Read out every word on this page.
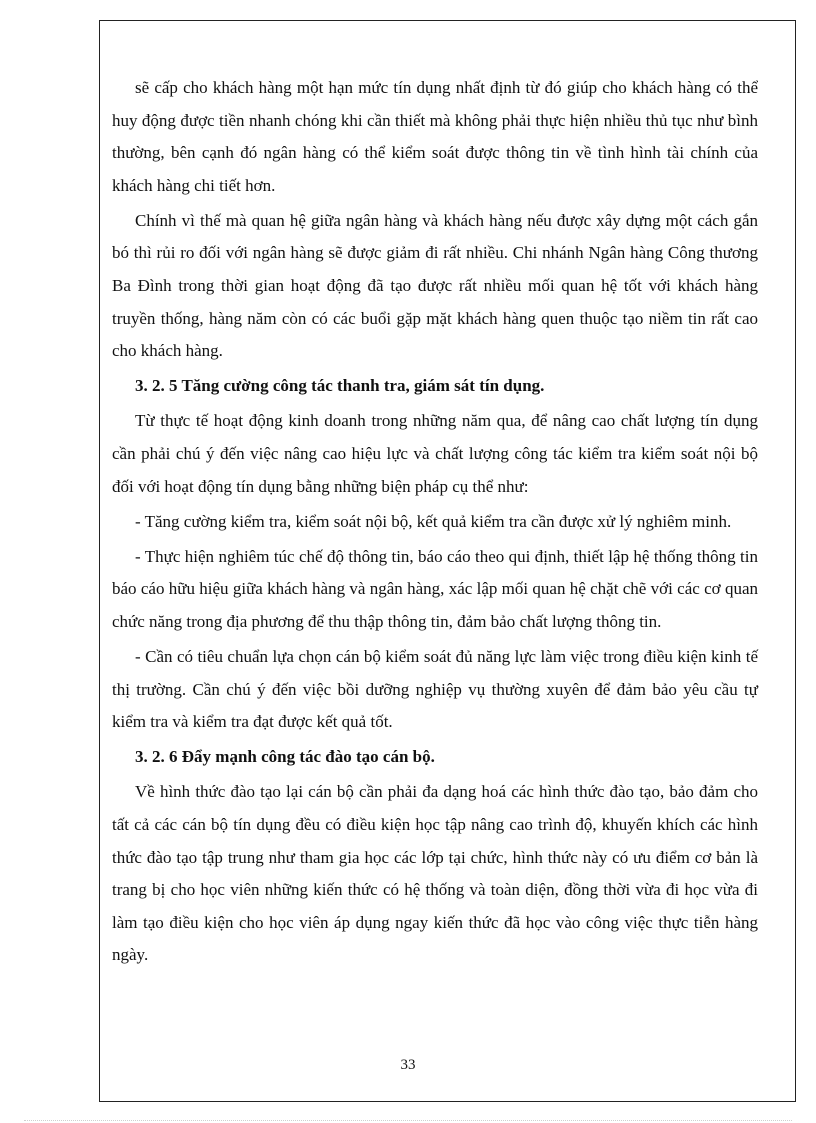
sẽ cấp cho khách hàng một hạn mức tín dụng nhất định từ đó giúp cho khách hàng có thể huy động được tiền nhanh chóng khi cần thiết mà không phải thực hiện nhiều thủ tục như bình thường, bên cạnh đó ngân hàng có thể kiểm soát được thông tin về tình hình tài chính của khách hàng chi tiết hơn.

Chính vì thế mà quan hệ giữa ngân hàng và khách hàng nếu được xây dựng một cách gắn bó thì rủi ro đối với ngân hàng sẽ được giảm đi rất nhiều. Chi nhánh Ngân hàng Công thương Ba Đình trong thời gian hoạt động đã tạo được rất nhiều mối quan hệ tốt với khách hàng truyền thống, hàng năm còn có các buổi gặp mặt khách hàng quen thuộc tạo niềm tin rất cao cho khách hàng.

3. 2. 5 Tăng cường công tác thanh tra, giám sát tín dụng.

Từ thực tế hoạt động kinh doanh trong những năm qua, để nâng cao chất lượng tín dụng cần phải chú ý đến việc nâng cao hiệu lực và chất lượng công tác kiểm tra kiểm soát nội bộ đối với hoạt động tín dụng bằng những biện pháp cụ thể như:

- Tăng cường kiểm tra, kiểm soát nội bộ, kết quả kiểm tra cần được xử lý nghiêm minh.

- Thực hiện nghiêm túc chế độ thông tin, báo cáo theo qui định, thiết lập hệ thống thông tin báo cáo hữu hiệu giữa khách hàng và ngân hàng, xác lập mối quan hệ chặt chẽ với các cơ quan chức năng trong địa phương để thu thập thông tin, đảm bảo chất lượng thông tin.

- Cần có tiêu chuẩn lựa chọn cán bộ kiểm soát đủ năng lực làm việc trong điều kiện kinh tế thị trường. Cần chú ý đến việc bồi dưỡng nghiệp vụ thường xuyên để đảm bảo yêu cầu tự kiểm tra và kiểm tra đạt được kết quả tốt.

3. 2. 6 Đẩy mạnh công tác đào tạo cán bộ.

Về hình thức đào tạo lại cán bộ cần phải đa dạng hoá các hình thức đào tạo, bảo đảm cho tất cả các cán bộ tín dụng đều có điều kiện học tập nâng cao trình độ, khuyến khích các hình thức đào tạo tập trung như tham gia học các lớp tại chức, hình thức này có ưu điểm cơ bản là trang bị cho học viên những kiến thức có hệ thống và toàn diện, đồng thời vừa đi học vừa đi làm tạo điều kiện cho học viên áp dụng ngay kiến thức đã học vào công việc thực tiễn hàng ngày.

33
